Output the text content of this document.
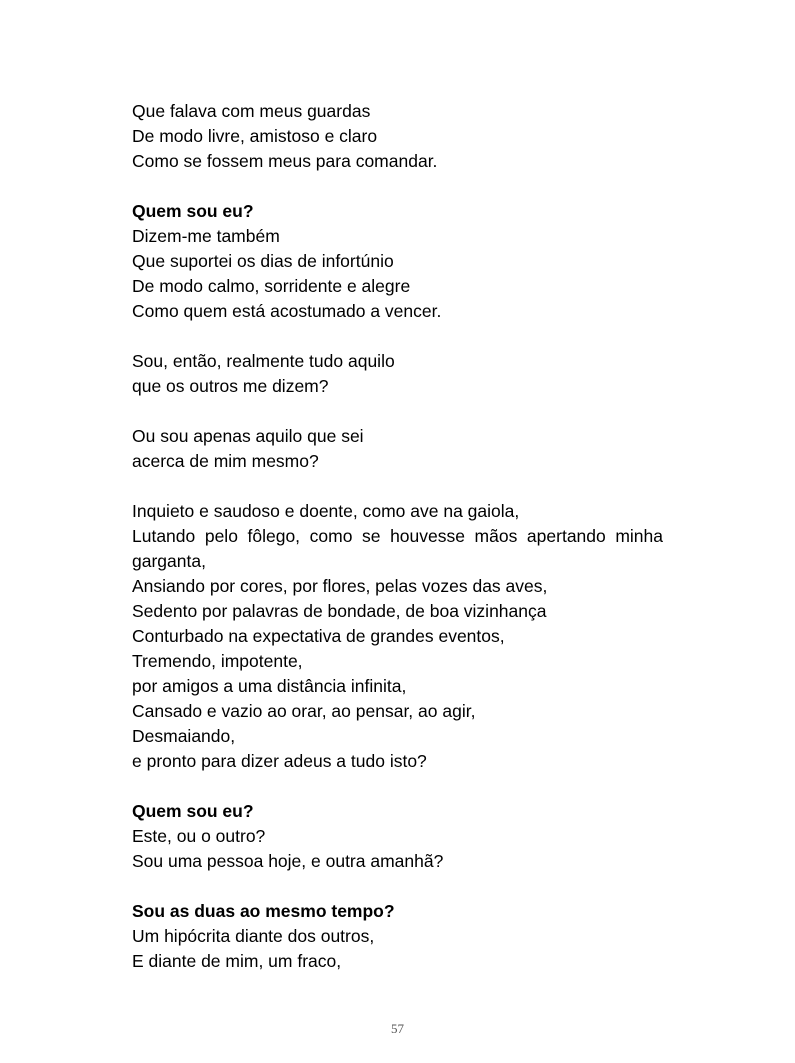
Que falava com meus guardas
De modo livre, amistoso e claro
Como se fossem meus para comandar.
Quem sou eu?
Dizem-me também
Que suportei os dias de infortúnio
De modo calmo, sorridente e alegre
Como quem está acostumado a vencer.
Sou, então, realmente tudo aquilo
que os outros me dizem?
Ou sou apenas aquilo que sei
acerca de mim mesmo?
Inquieto e saudoso e doente, como ave na gaiola,
Lutando pelo fôlego, como se houvesse mãos apertando minha garganta,
Ansiando por cores, por flores, pelas vozes das aves,
Sedento por palavras de bondade, de boa vizinhança
Conturbado na expectativa de grandes eventos,
Tremendo, impotente,
por amigos a uma distância infinita,
Cansado e vazio ao orar, ao pensar, ao agir,
Desmaiando,
e pronto para dizer adeus a tudo isto?
Quem sou eu?
Este, ou o outro?
Sou uma pessoa hoje, e outra amanhã?
Sou as duas ao mesmo tempo?
Um hipócrita diante dos outros,
E diante de mim, um fraco,
57
